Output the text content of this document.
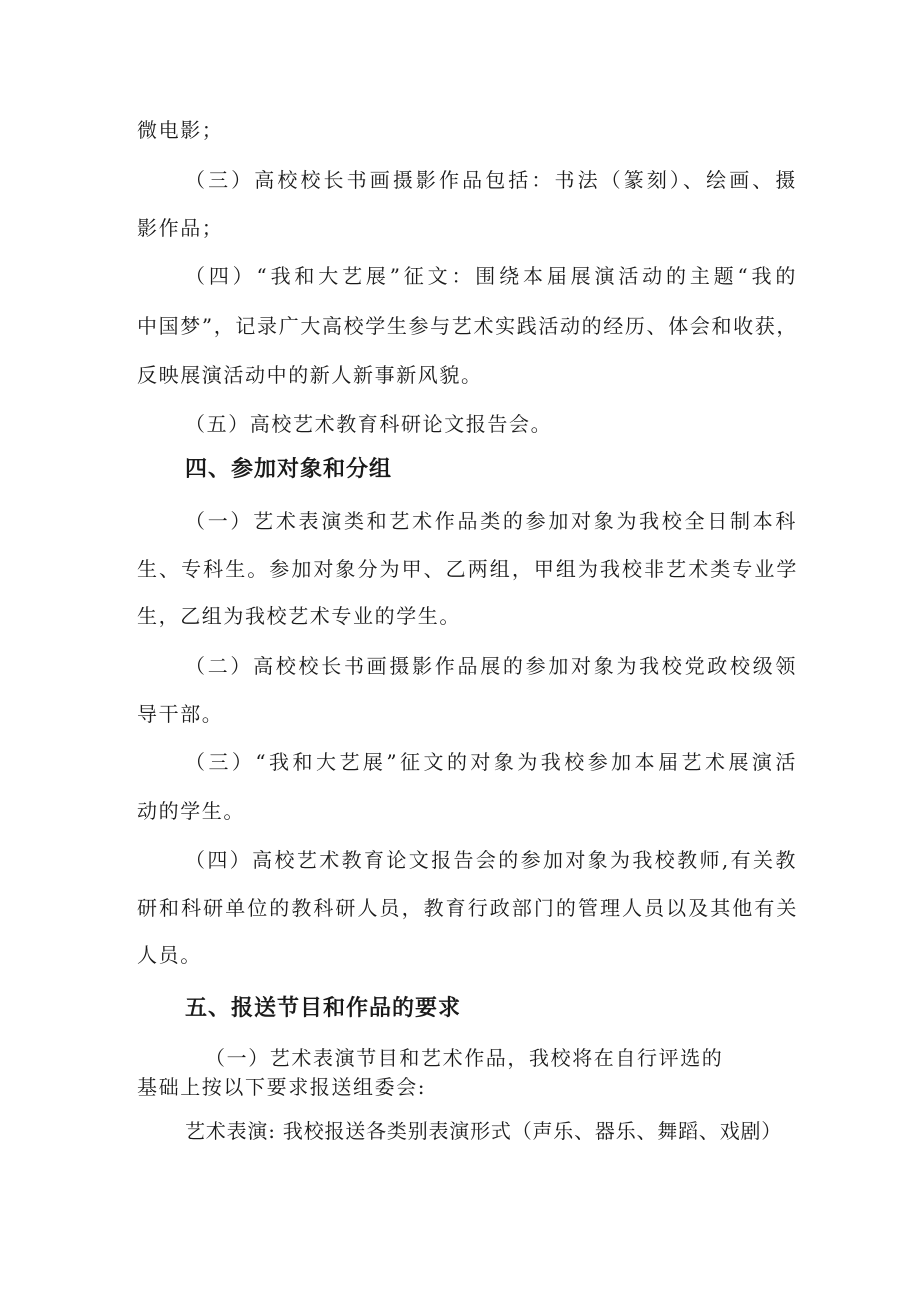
微电影；
（三）高校校长书画摄影作品包括：书法（篆刻）、绘画、摄
影作品；
（四）“我和大艺展”征文：围绕本届展演活动的主题“我的
中国梦”，记录广大高校学生参与艺术实践活动的经历、体会和收获，
反映展演活动中的新人新事新风貌。
（五）高校艺术教育科研论文报告会。
四、参加对象和分组
（一）艺术表演类和艺术作品类的参加对象为我校全日制本科
生、专科生。参加对象分为甲、乙两组，甲组为我校非艺术类专业学
生，乙组为我校艺术专业的学生。
（二）高校校长书画摄影作品展的参加对象为我校党政校级领
导干部。
（三）“我和大艺展”征文的对象为我校参加本届艺术展演活
动的学生。
（四）高校艺术教育论文报告会的参加对象为我校教师,有关教
研和科研单位的教科研人员，教育行政部门的管理人员以及其他有关
人员。
五、报送节目和作品的要求
（一）艺术表演节目和艺术作品，我校将在自行评选的
基础上按以下要求报送组委会:
艺术表演: 我校报送各类别表演形式（声乐、器乐、舞蹈、戏剧）
